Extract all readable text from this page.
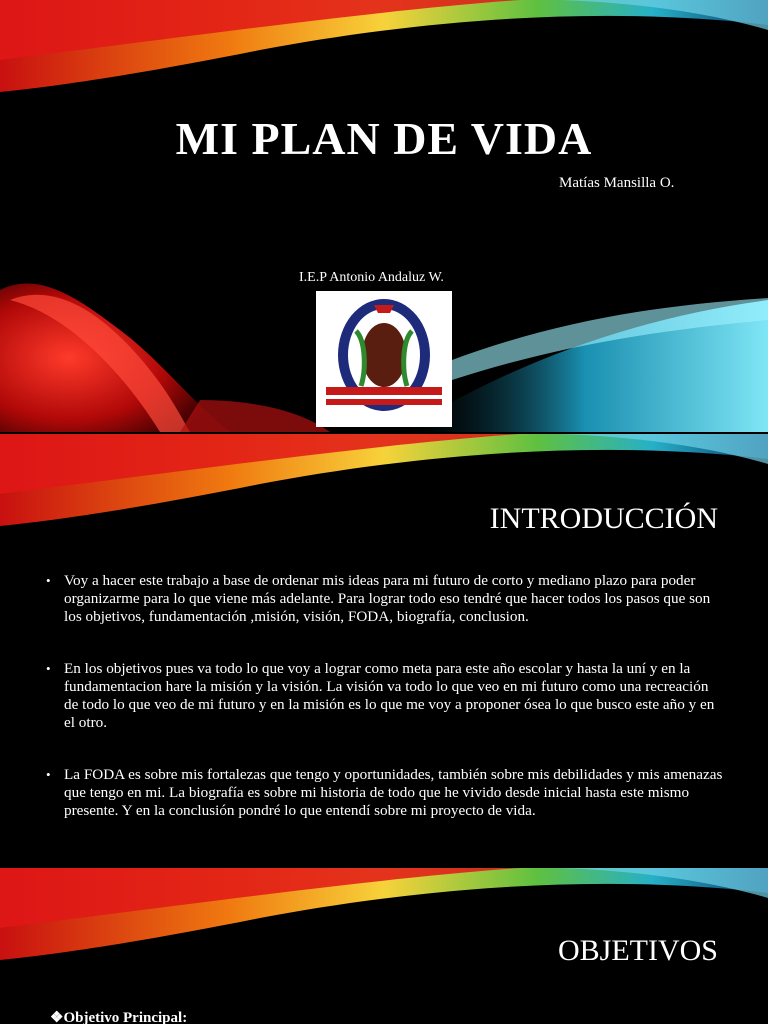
MI PLAN DE VIDA
Matías Mansilla O.
I.E.P Antonio Andaluz W.
INTRODUCCIÓN
• Voy a hacer este trabajo a base de ordenar mis ideas para mi futuro de corto y mediano plazo para poder organizarme para lo que viene más adelante. Para lograr todo eso tendré que hacer todos los pasos que son los objetivos, fundamentación ,misión, visión, FODA, biografía, conclusion.
• En los objetivos pues va todo lo que voy a lograr como meta para este año escolar y hasta la uní y en la fundamentacion hare la misión y la visión. La visión va todo lo que veo en mi futuro como una recreación de todo lo que veo de mi futuro y en la misión es lo que me voy a proponer ósea lo que busco este año y en el otro.
• La FODA es sobre mis fortalezas que tengo y oportunidades, también sobre mis debilidades y mis amenazas que tengo en mi. La biografía es sobre mi historia de todo que he vivido desde inicial hasta este mismo presente. Y en la conclusión pondré lo que entendí sobre mi proyecto de vida.
OBJETIVOS
❖Objetivo Principal:
